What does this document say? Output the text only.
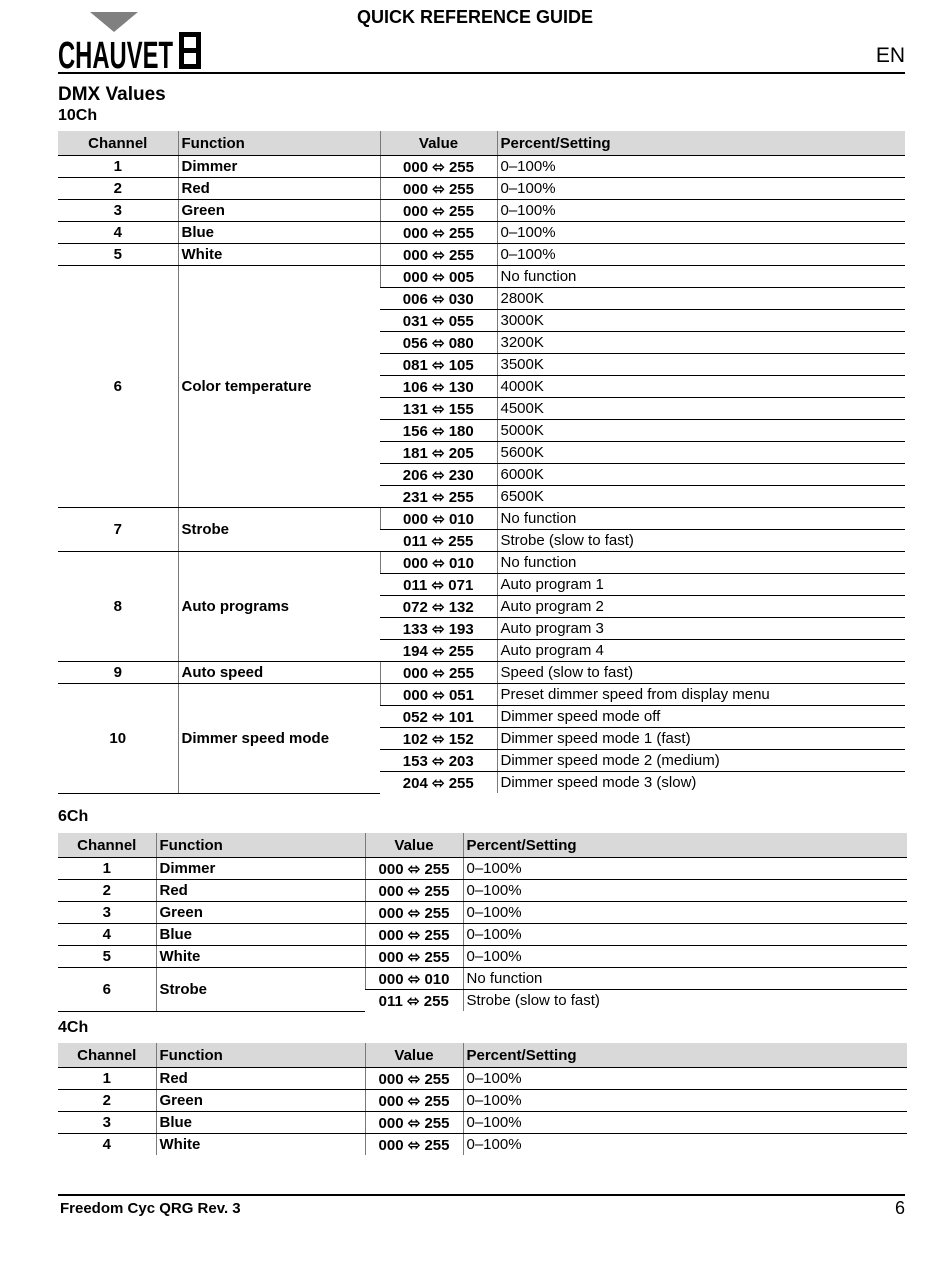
CHAUVET
QUICK REFERENCE GUIDE
EN
DMX Values
10Ch
Channel	Function	Value	Percent/Setting
1	Dimmer	000 ⬄ 255	0–100%
2	Red	000 ⬄ 255	0–100%
3	Green	000 ⬄ 255	0–100%
4	Blue	000 ⬄ 255	0–100%
5	White	000 ⬄ 255	0–100%
6	Color temperature	000 ⬄ 005	No function
		006 ⬄ 030	2800K
		031 ⬄ 055	3000K
		056 ⬄ 080	3200K
		081 ⬄ 105	3500K
		106 ⬄ 130	4000K
		131 ⬄ 155	4500K
		156 ⬄ 180	5000K
		181 ⬄ 205	5600K
		206 ⬄ 230	6000K
		231 ⬄ 255	6500K
7	Strobe	000 ⬄ 010	No function
		011 ⬄ 255	Strobe (slow to fast)
8	Auto programs	000 ⬄ 010	No function
		011 ⬄ 071	Auto program 1
		072 ⬄ 132	Auto program 2
		133 ⬄ 193	Auto program 3
		194 ⬄ 255	Auto program 4
9	Auto speed	000 ⬄ 255	Speed (slow to fast)
10	Dimmer speed mode	000 ⬄ 051	Preset dimmer speed from display menu
		052 ⬄ 101	Dimmer speed mode off
		102 ⬄ 152	Dimmer speed mode 1 (fast)
		153 ⬄ 203	Dimmer speed mode 2 (medium)
		204 ⬄ 255	Dimmer speed mode 3 (slow)
6Ch
Channel	Function	Value	Percent/Setting
1	Dimmer	000 ⬄ 255	0–100%
2	Red	000 ⬄ 255	0–100%
3	Green	000 ⬄ 255	0–100%
4	Blue	000 ⬄ 255	0–100%
5	White	000 ⬄ 255	0–100%
6	Strobe	000 ⬄ 010	No function
		011 ⬄ 255	Strobe (slow to fast)
4Ch
Channel	Function	Value	Percent/Setting
1	Red	000 ⬄ 255	0–100%
2	Green	000 ⬄ 255	0–100%
3	Blue	000 ⬄ 255	0–100%
4	White	000 ⬄ 255	0–100%
Freedom Cyc QRG Rev. 3	6
